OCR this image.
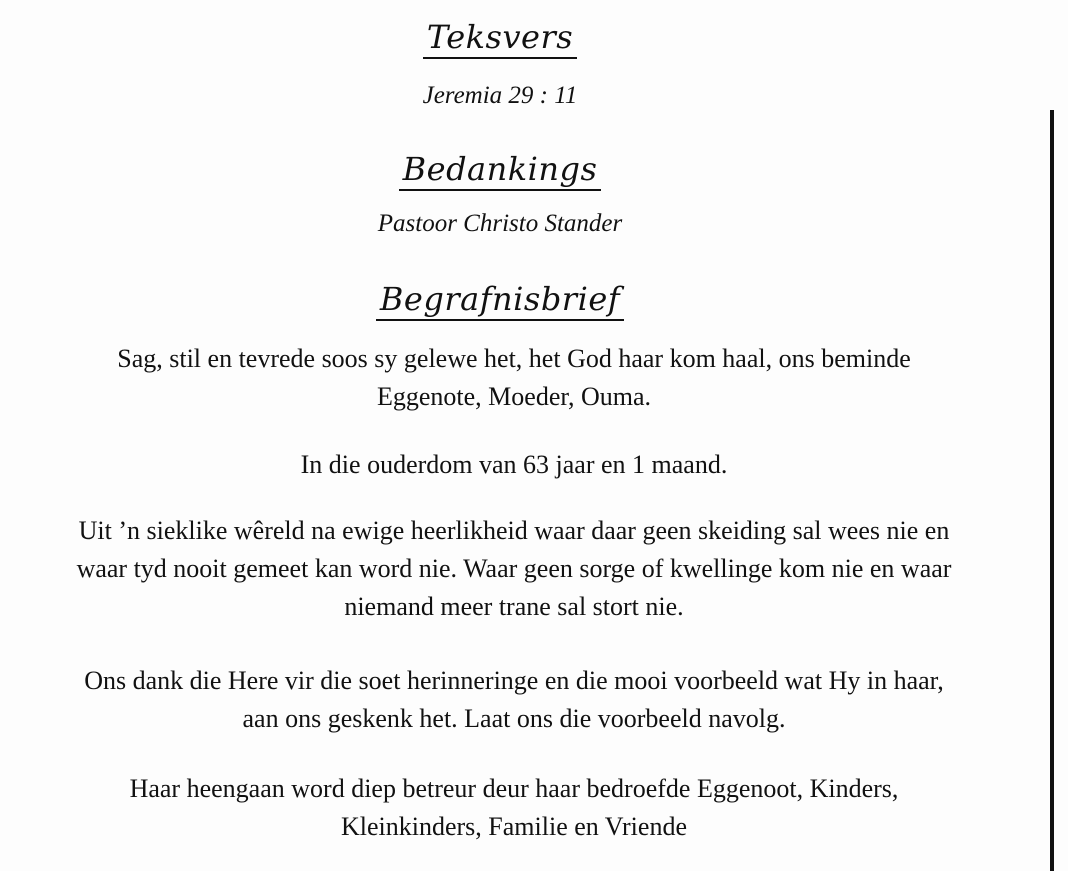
Teksvers
Jeremia 29 : 11
Bedankings
Pastoor Christo Stander
Begrafnisbrief
Sag, stil en tevrede soos sy gelewe het, het God haar kom haal, ons beminde
Eggenote, Moeder, Ouma.
In die ouderdom van 63 jaar en 1 maand.
Uit ’n sieklike wêreld na ewige heerlikheid waar daar geen skeiding sal wees nie en
waar tyd nooit gemeet kan word nie. Waar geen sorge of kwellinge kom nie en waar
niemand meer trane sal stort nie.
Ons dank die Here vir die soet herinneringe en die mooi voorbeeld wat Hy in haar,
aan ons geskenk het. Laat ons die voorbeeld navolg.
Haar heengaan word diep betreur deur haar bedroefde Eggenoot, Kinders,
Kleinkinders, Familie en Vriende
